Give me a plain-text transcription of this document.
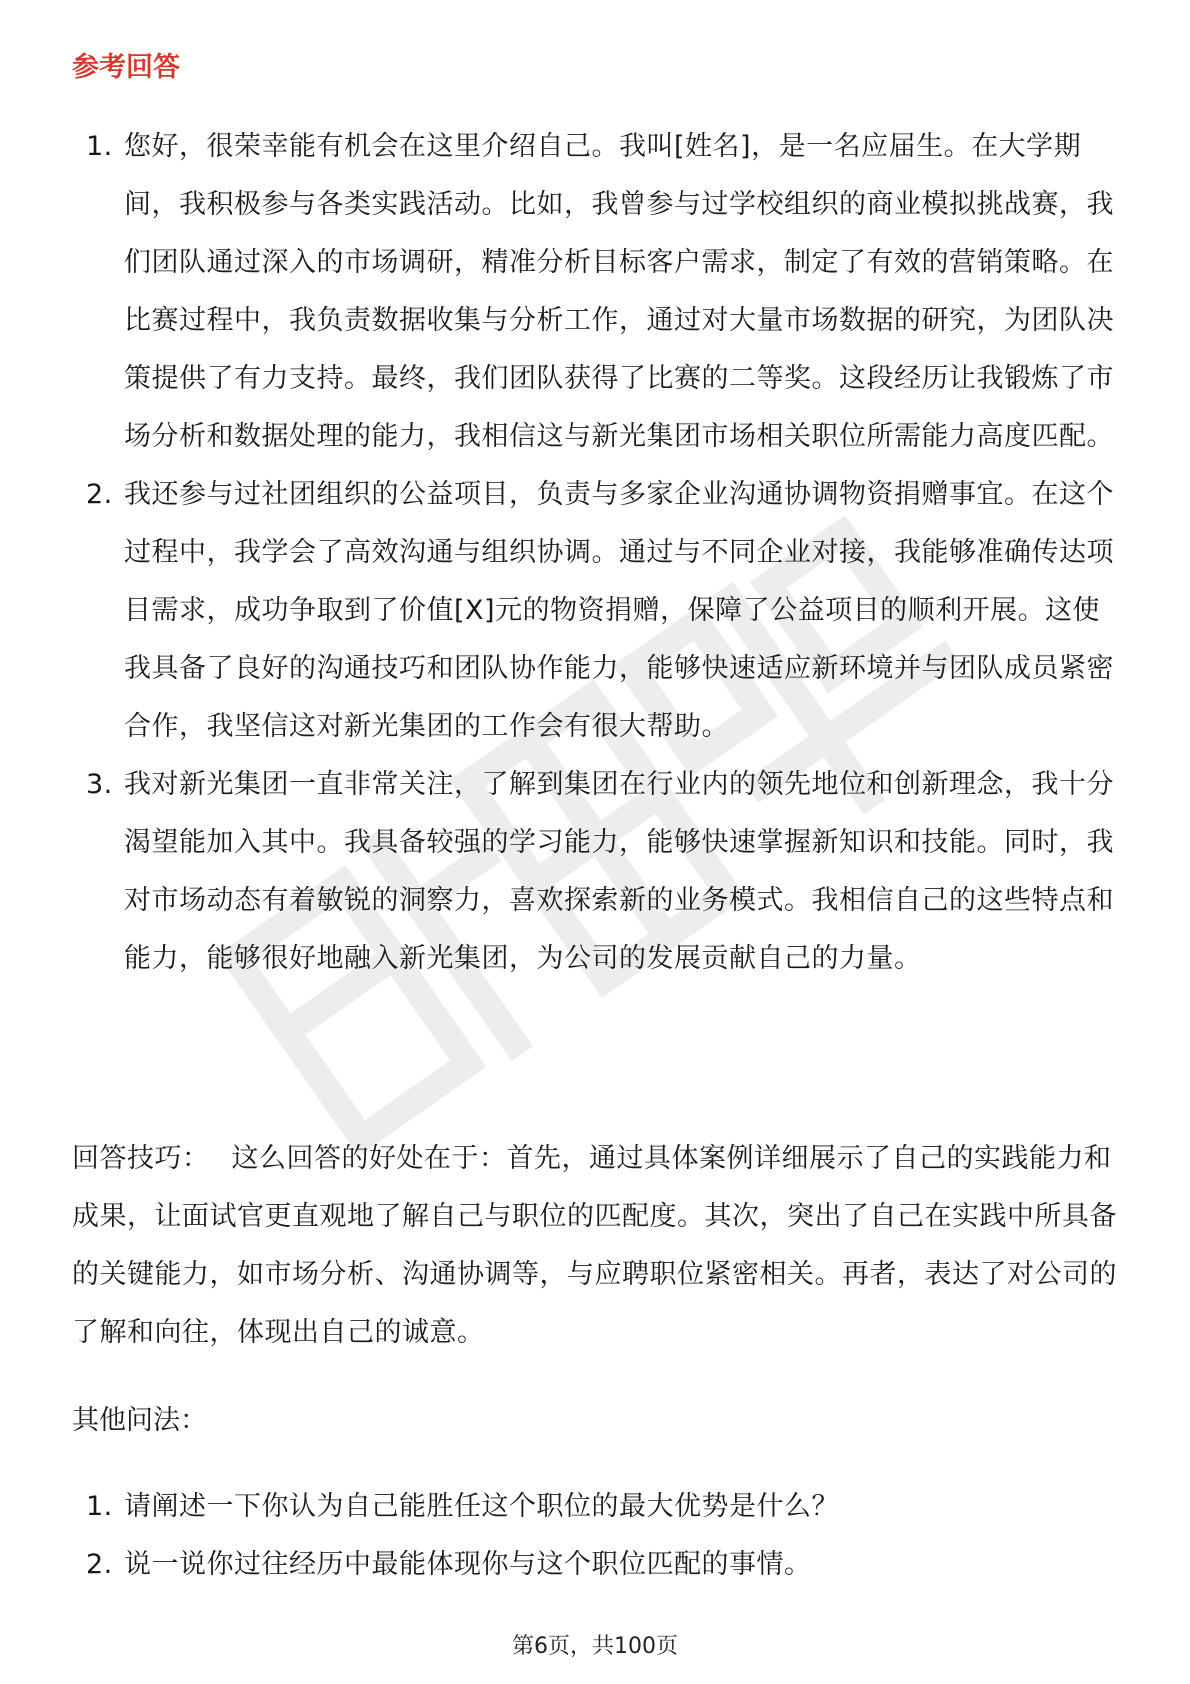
参考回答
1. 您好，很荣幸能有机会在这里介绍自己。我叫[姓名]，是一名应届生。在大学期间，我积极参与各类实践活动。比如，我曾参与过学校组织的商业模拟挑战赛，我们团队通过深入的市场调研，精准分析目标客户需求，制定了有效的营销策略。在比赛过程中，我负责数据收集与分析工作，通过对大量市场数据的研究，为团队决策提供了有力支持。最终，我们团队获得了比赛的二等奖。这段经历让我锻炼了市场分析和数据处理的能力，我相信这与新光集团市场相关职位所需能力高度匹配。
2. 我还参与过社团组织的公益项目，负责与多家企业沟通协调物资捐赠事宜。在这个过程中，我学会了高效沟通与组织协调。通过与不同企业对接，我能够准确传达项目需求，成功争取到了价值[X]元的物资捐赠，保障了公益项目的顺利开展。这使我具备了良好的沟通技巧和团队协作能力，能够快速适应新环境并与团队成员紧密合作，我坚信这对新光集团的工作会有很大帮助。
3. 我对新光集团一直非常关注，了解到集团在行业内的领先地位和创新理念，我十分渴望能加入其中。我具备较强的学习能力，能够快速掌握新知识和技能。同时，我对市场动态有着敏锐的洞察力，喜欢探索新的业务模式。我相信自己的这些特点和能力，能够很好地融入新光集团，为公司的发展贡献自己的力量。

回答技巧： 这么回答的好处在于：首先，通过具体案例详细展示了自己的实践能力和成果，让面试官更直观地了解自己与职位的匹配度。其次，突出了自己在实践中所具备的关键能力，如市场分析、沟通协调等，与应聘职位紧密相关。再者，表达了对公司的了解和向往，体现出自己的诚意。

其他问法：

1. 请阐述一下你认为自己能胜任这个职位的最大优势是什么？
2. 说一说你过往经历中最能体现你与这个职位匹配的事情。
第6页，共100页
